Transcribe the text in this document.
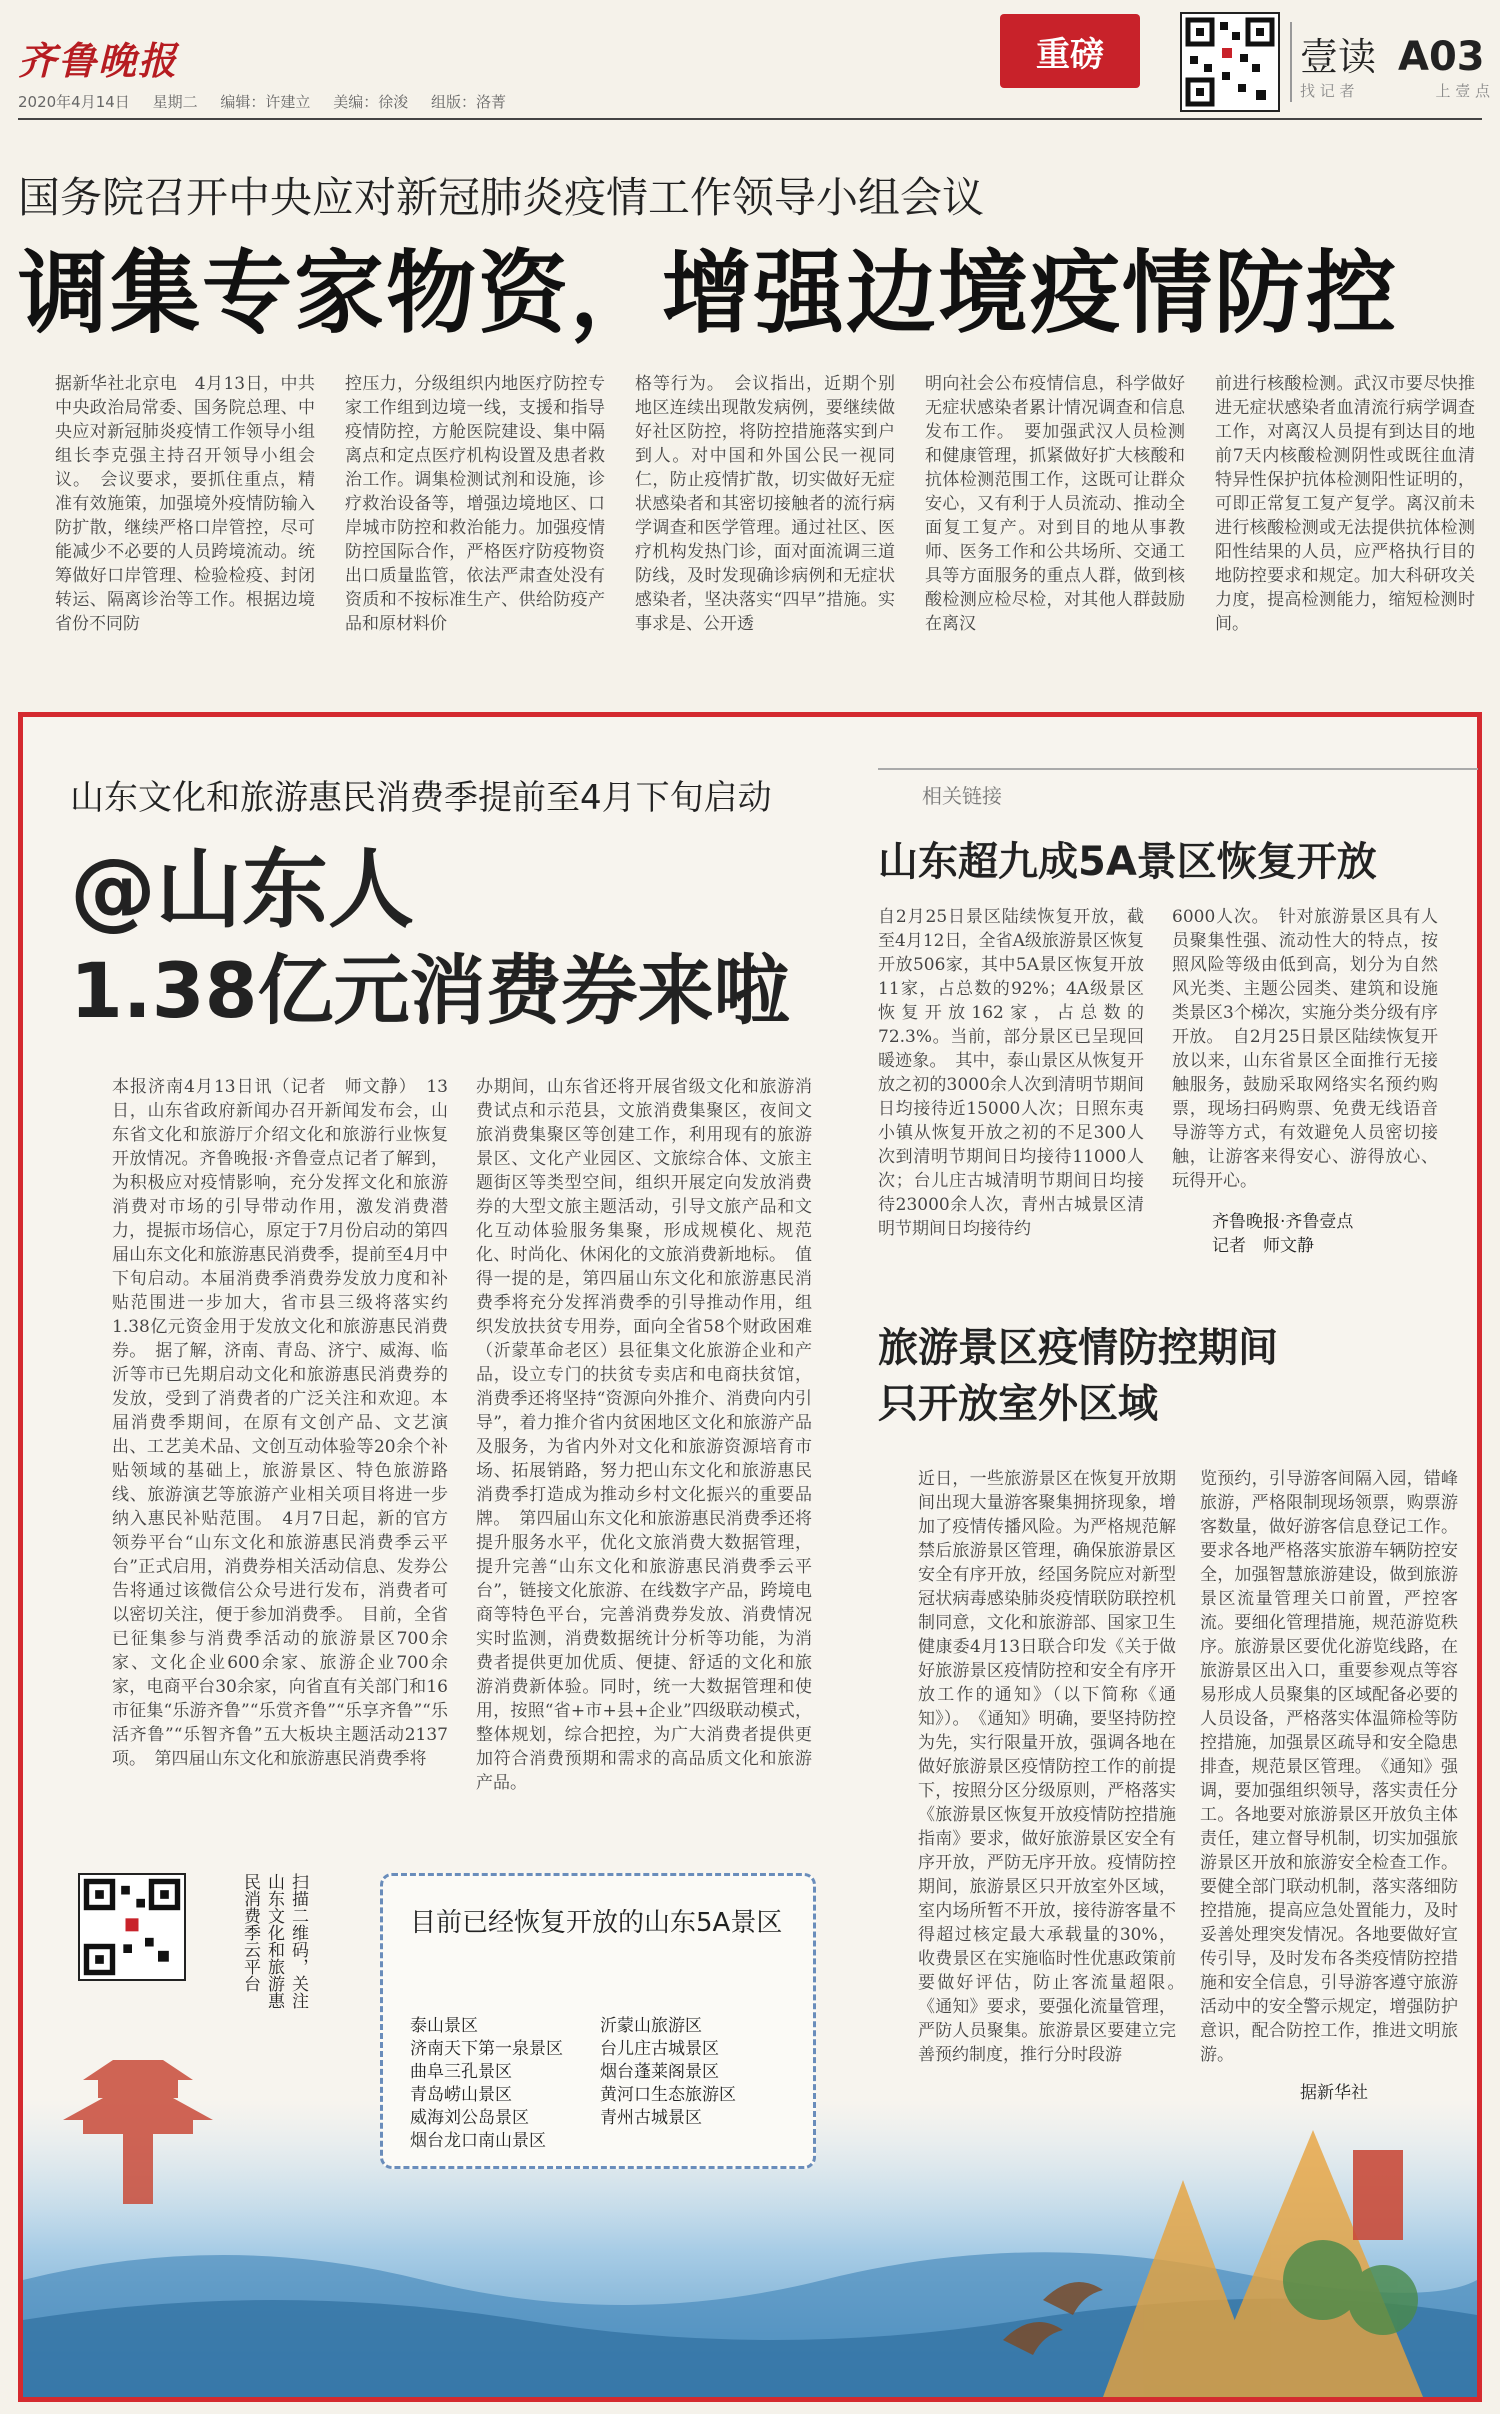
齐鲁晚报
2020年4月14日 星期二 编辑：许建立 美编：徐浚 组版：洛菁
重磅	壹读 A03
找 记 者	上 壹 点
国务院召开中央应对新冠肺炎疫情工作领导小组会议
调集专家物资，增强边境疫情防控
据新华社北京电　4月13日，中共中央政治局常委、国务院总理、中央应对新冠肺炎疫情工作领导小组组长李克强主持召开领导小组会议。　会议要求，要抓住重点，精准有效施策，加强境外疫情防输入防扩散，继续严格口岸管控，尽可能减少不必要的人员跨境流动。统筹做好口岸管理、检验检疫、封闭转运、隔离诊治等工作。根据边境省份不同防
控压力，分级组织内地医疗防控专家工作组到边境一线，支援和指导疫情防控，方舱医院建设、集中隔离点和定点医疗机构设置及患者救治工作。调集检测试剂和设施，诊疗救治设备等，增强边境地区、口岸城市防控和救治能力。加强疫情防控国际合作，严格医疗防疫物资出口质量监管，依法严肃查处没有资质和不按标准生产、供给防疫产品和原材料价
格等行为。　会议指出，近期个别地区连续出现散发病例，要继续做好社区防控，将防控措施落实到户到人。对中国和外国公民一视同仁，防止疫情扩散，切实做好无症状感染者和其密切接触者的流行病学调查和医学管理。通过社区、医疗机构发热门诊，面对面流调三道防线，及时发现确诊病例和无症状感染者，坚决落实“四早”措施。实事求是、公开透
明向社会公布疫情信息，科学做好无症状感染者累计情况调查和信息发布工作。　要加强武汉人员检测和健康管理，抓紧做好扩大核酸和抗体检测范围工作，这既可让群众安心，又有利于人员流动、推动全面复工复产。对到目的地从事教师、医务工作和公共场所、交通工具等方面服务的重点人群，做到核酸检测应检尽检，对其他人群鼓励在离汉
前进行核酸检测。武汉市要尽快推进无症状感染者血清流行病学调查工作，对离汉人员提有到达目的地前7天内核酸检测阴性或既往血清特异性保护抗体检测阳性证明的，可即正常复工复产复学。离汉前未进行核酸检测或无法提供抗体检测阳性结果的人员，应严格执行目的地防控要求和规定。加大科研攻关力度，提高检测能力，缩短检测时间。
山东文化和旅游惠民消费季提前至4月下旬启动
@山东人
1.38亿元消费券来啦
本报济南4月13日讯（记者　师文静）　13日，山东省政府新闻办召开新闻发布会，山东省文化和旅游厅介绍文化和旅游行业恢复开放情况。齐鲁晚报·齐鲁壹点记者了解到，为积极应对疫情影响，充分发挥文化和旅游消费对市场的引导带动作用，激发消费潜力，提振市场信心，原定于7月份启动的第四届山东文化和旅游惠民消费季，提前至4月中下旬启动。本届消费季消费券发放力度和补贴范围进一步加大，省市县三级将落实约1.38亿元资金用于发放文化和旅游惠民消费券。　据了解，济南、青岛、济宁、威海、临沂等市已先期启动文化和旅游惠民消费券的发放，受到了消费者的广泛关注和欢迎。本届消费季期间，在原有文创产品、文艺演出、工艺美术品、文创互动体验等20余个补贴领域的基础上，旅游景区、特色旅游路线、旅游演艺等旅游产业相关项目将进一步纳入惠民补贴范围。　4月7日起，新的官方领券平台“山东文化和旅游惠民消费季云平台”正式启用，消费券相关活动信息、发券公告将通过该微信公众号进行发布，消费者可以密切关注，便于参加消费季。　目前，全省已征集参与消费季活动的旅游景区700余家、文化企业600余家、旅游企业700余家，电商平台30余家，向省直有关部门和16市征集“乐游齐鲁”“乐赏齐鲁”“乐享齐鲁”“乐活齐鲁”“乐智齐鲁”五大板块主题活动2137项。　第四届山东文化和旅游惠民消费季将
办期间，山东省还将开展省级文化和旅游消费试点和示范县，文旅消费集聚区，夜间文旅消费集聚区等创建工作，利用现有的旅游景区、文化产业园区、文旅综合体、文旅主题街区等类型空间，组织开展定向发放消费券的大型文旅主题活动，引导文旅产品和文化互动体验服务集聚，形成规模化、规范化、时尚化、休闲化的文旅消费新地标。　值得一提的是，第四届山东文化和旅游惠民消费季将充分发挥消费季的引导推动作用，组织发放扶贫专用券，面向全省58个财政困难（沂蒙革命老区）县征集文化旅游企业和产品，设立专门的扶贫专卖店和电商扶贫馆，消费季还将坚持“资源向外推介、消费向内引导”，着力推介省内贫困地区文化和旅游产品及服务，为省内外对文化和旅游资源培育市场、拓展销路，努力把山东文化和旅游惠民消费季打造成为推动乡村文化振兴的重要品牌。　第四届山东文化和旅游惠民消费季还将提升服务水平，优化文旅消费大数据管理，提升完善“山东文化和旅游惠民消费季云平台”，链接文化旅游、在线数字产品，跨境电商等特色平台，完善消费券发放、消费情况实时监测，消费数据统计分析等功能，为消费者提供更加优质、便捷、舒适的文化和旅游消费新体验。同时，统一大数据管理和使用，按照“省+市+县+企业”四级联动模式，整体规划，综合把控，为广大消费者提供更加符合消费预期和需求的高品质文化和旅游产品。
扫描二维码，关注山东文化和旅游惠民消费季云平台	目前已经恢复开放的山东5A景区
泰山景区	沂蒙山旅游区
济南天下第一泉景区	台儿庄古城景区
曲阜三孔景区	烟台蓬莱阁景区
青岛崂山景区	黄河口生态旅游区
威海刘公岛景区	青州古城景区
烟台龙口南山景区
相关链接
山东超九成5A景区恢复开放
自2月25日景区陆续恢复开放，截至4月12日，全省A级旅游景区恢复开放506家，其中5A景区恢复开放11家，占总数的92%；4A级景区恢复开放162家，占总数的72.3%。当前，部分景区已呈现回暖迹象。　其中，泰山景区从恢复开放之初的3000余人次到清明节期间日均接待近15000人次；日照东夷小镇从恢复开放之初的不足300人次到清明节期间日均接待11000人次；台儿庄古城清明节期间日均接待23000余人次，青州古城景区清明节期间日均接待约
6000人次。　针对旅游景区具有人员聚集性强、流动性大的特点，按照风险等级由低到高，划分为自然风光类、主题公园类、建筑和设施类景区3个梯次，实施分类分级有序开放。　自2月25日景区陆续恢复开放以来，山东省景区全面推行无接触服务，鼓励采取网络实名预约购票，现场扫码购票、免费无线语音导游等方式，有效避免人员密切接触，让游客来得安心、游得放心、玩得开心。
齐鲁晚报·齐鲁壹点
记者　师文静
旅游景区疫情防控期间
只开放室外区域
近日，一些旅游景区在恢复开放期间出现大量游客聚集拥挤现象，增加了疫情传播风险。为严格规范解禁后旅游景区管理，确保旅游景区安全有序开放，经国务院应对新型冠状病毒感染肺炎疫情联防联控机制同意，文化和旅游部、国家卫生健康委4月13日联合印发《关于做好旅游景区疫情防控和安全有序开放工作的通知》（以下简称《通知》）。　《通知》明确，要坚持防控为先，实行限量开放，强调各地在做好旅游景区疫情防控工作的前提下，按照分区分级原则，严格落实《旅游景区恢复开放疫情防控措施指南》要求，做好旅游景区安全有序开放，严防无序开放。疫情防控期间，旅游景区只开放室外区域，室内场所暂不开放，接待游客量不得超过核定最大承载量的30%，收费景区在实施临时性优惠政策前要做好评估，防止客流量超限。　《通知》要求，要强化流量管理，严防人员聚集。旅游景区要建立完善预约制度，推行分时段游
览预约，引导游客间隔入园，错峰旅游，严格限制现场领票，购票游客数量，做好游客信息登记工作。要求各地严格落实旅游车辆防控安全，加强智慧旅游建设，做到旅游景区流量管理关口前置，严控客流。要细化管理措施，规范游览秩序。旅游景区要优化游览线路，在旅游景区出入口，重要参观点等容易形成人员聚集的区域配备必要的人员设备，严格落实体温筛检等防控措施，加强景区疏导和安全隐患排查，规范景区管理。　《通知》强调，要加强组织领导，落实责任分工。各地要对旅游景区开放负主体责任，建立督导机制，切实加强旅游景区开放和旅游安全检查工作。要健全部门联动机制，落实落细防控措施，提高应急处置能力，及时妥善处理突发情况。各地要做好宣传引导，及时发布各类疫情防控措施和安全信息，引导游客遵守旅游活动中的安全警示规定，增强防护意识，配合防控工作，推进文明旅游。
据新华社
